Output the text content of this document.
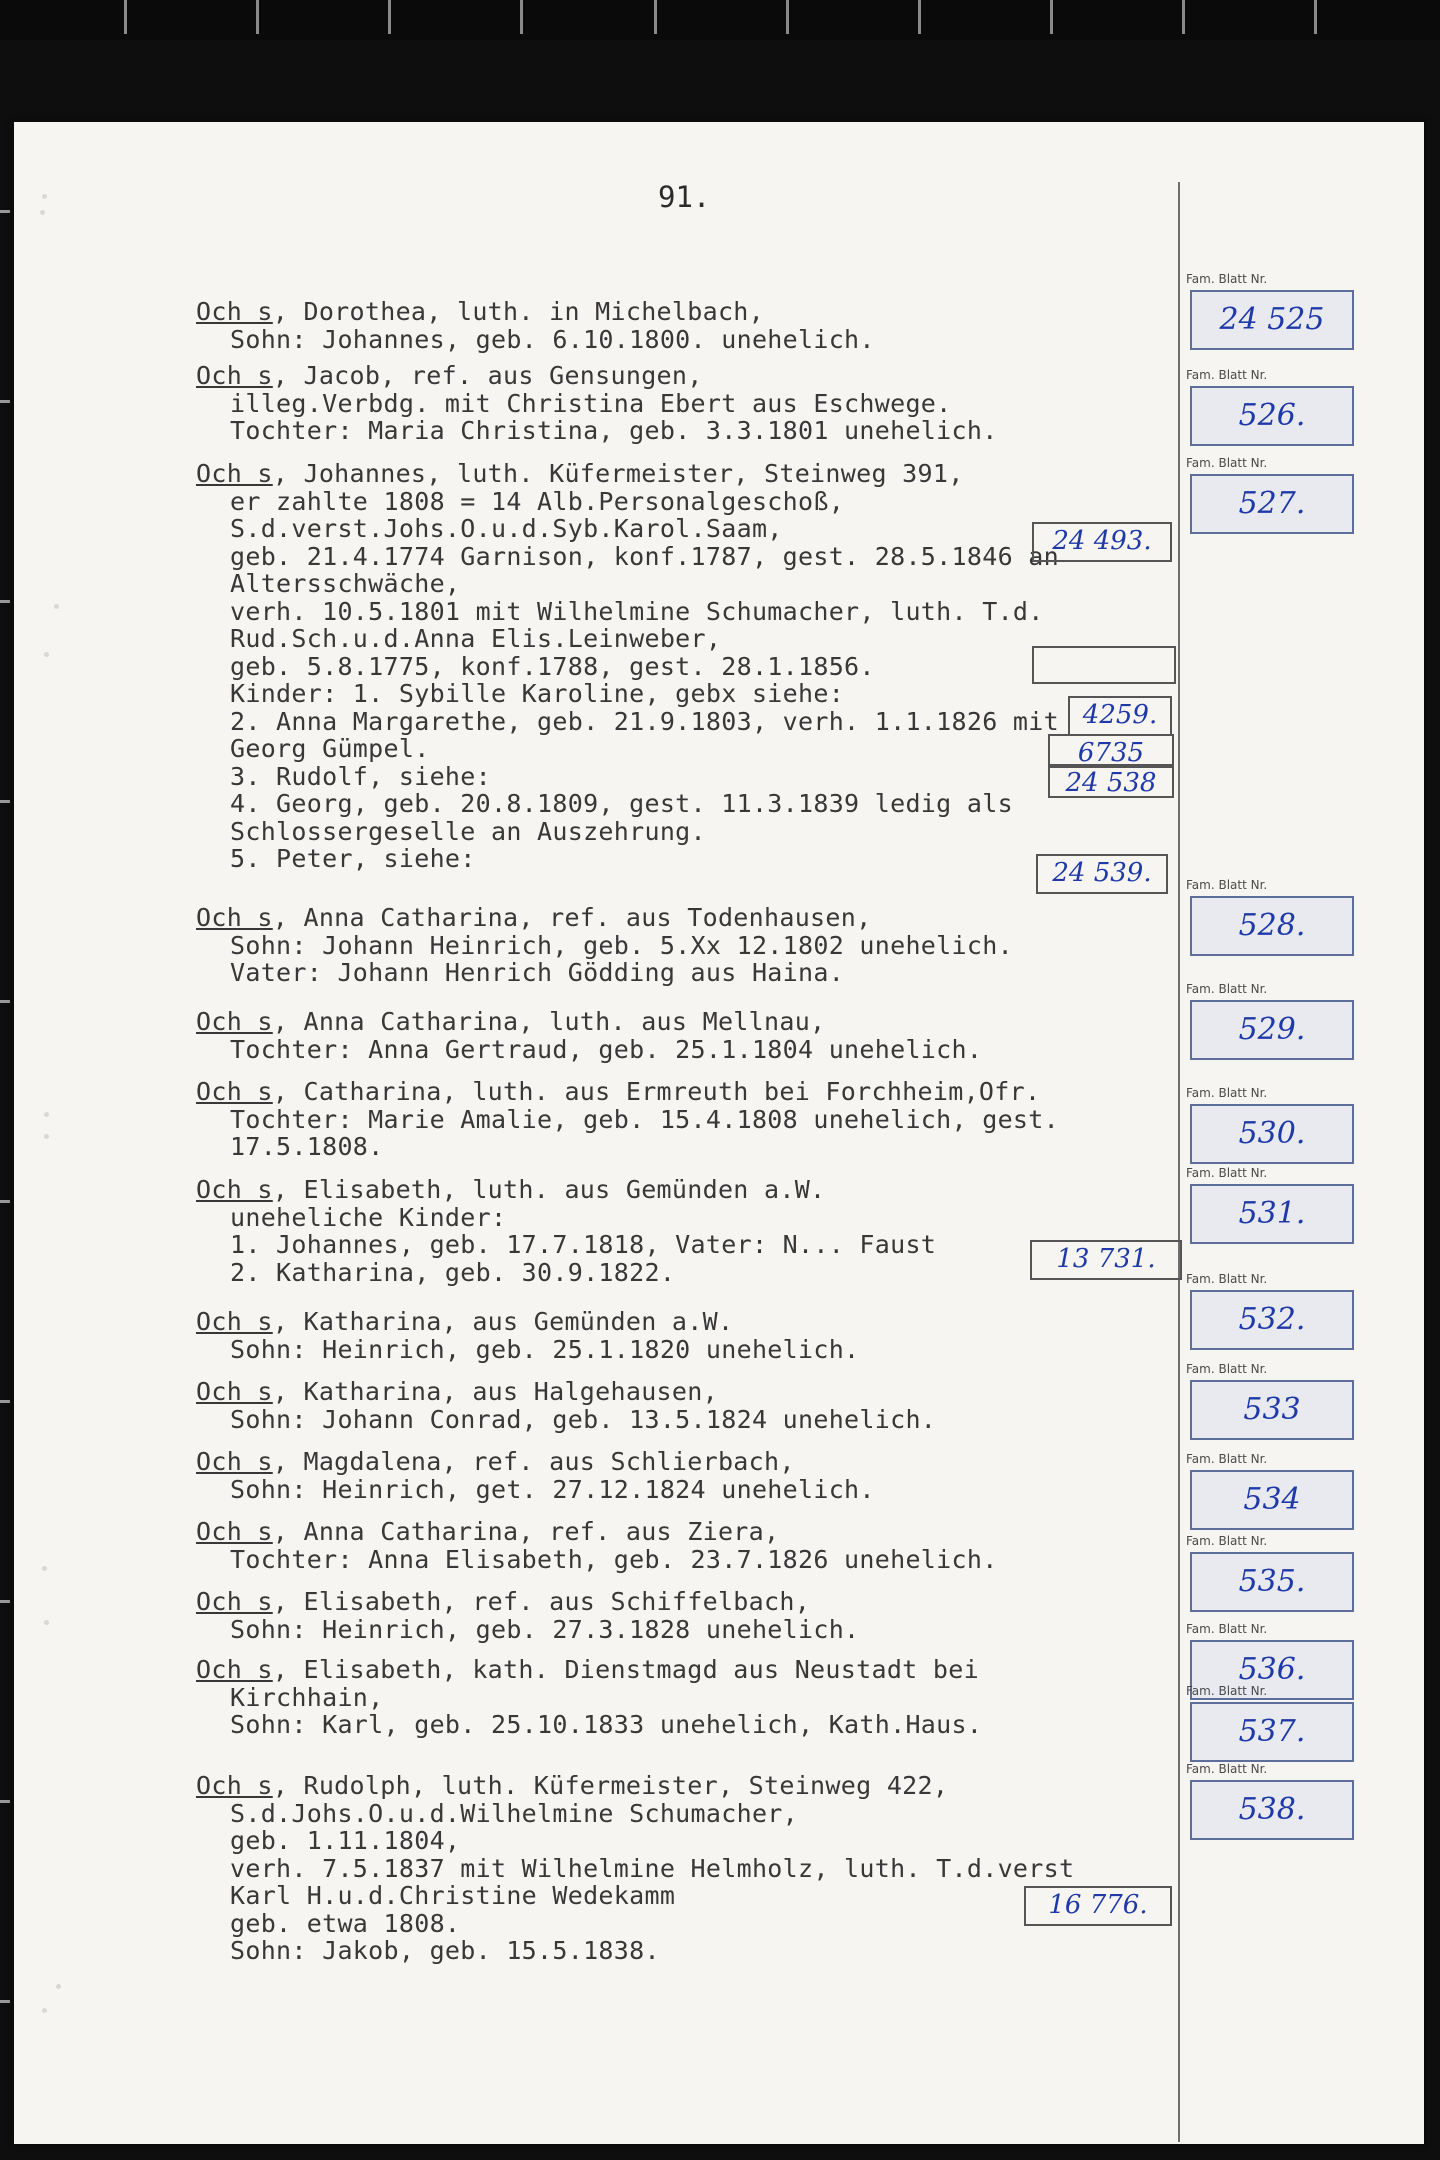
91.
Och s, Dorothea, luth. in Michelbach,
Sohn: Johannes, geb. 6.10.1800. unehelich.
Och s, Jacob, ref. aus Gensungen,
illeg.Verbdg. mit Christina Ebert aus Eschwege.
Tochter: Maria Christina, geb. 3.3.1801 unehelich.
Och s, Johannes, luth. Küfermeister, Steinweg 391,
er zahlte 1808 = 14 Alb.Personalgeschoß,
S.d.verst.Johs.O.u.d.Syb.Karol.Saam,
geb. 21.4.1774 Garnison, konf.1787, gest. 28.5.1846 an
Altersschwäche,
verh. 10.5.1801 mit Wilhelmine Schumacher, luth. T.d.
Rud.Sch.u.d.Anna Elis.Leinweber,
geb. 5.8.1775, konf.1788, gest. 28.1.1856.
Kinder: 1. Sybille Karoline, gebx siehe:
2. Anna Margarethe, geb. 21.9.1803, verh. 1.1.1826 mit
Georg Gümpel.
3. Rudolf, siehe:
4. Georg, geb. 20.8.1809, gest. 11.3.1839 ledig als
Schlossergeselle an Auszehrung.
5. Peter, siehe:
Och s, Anna Catharina, ref. aus Todenhausen,
Sohn: Johann Heinrich, geb. 5.Xx 12.1802 unehelich.
Vater: Johann Henrich Gödding aus Haina.
Och s, Anna Catharina, luth. aus Mellnau,
Tochter: Anna Gertraud, geb. 25.1.1804 unehelich.
Och s, Catharina, luth. aus Ermreuth bei Forchheim,Ofr.
Tochter: Marie Amalie, geb. 15.4.1808 unehelich, gest.
17.5.1808.
Och s, Elisabeth, luth. aus Gemünden a.W.
uneheliche Kinder:
1. Johannes, geb. 17.7.1818, Vater: N... Faust
2. Katharina, geb. 30.9.1822.
Och s, Katharina, aus Gemünden a.W.
Sohn: Heinrich, geb. 25.1.1820 unehelich.
Och s, Katharina, aus Halgehausen,
Sohn: Johann Conrad, geb. 13.5.1824 unehelich.
Och s, Magdalena, ref. aus Schlierbach,
Sohn: Heinrich, get. 27.12.1824 unehelich.
Och s, Anna Catharina, ref. aus Ziera,
Tochter: Anna Elisabeth, geb. 23.7.1826 unehelich.
Och s, Elisabeth, ref. aus Schiffelbach,
Sohn: Heinrich, geb. 27.3.1828 unehelich.
Och s, Elisabeth, kath. Dienstmagd aus Neustadt bei
Kirchhain,
Sohn: Karl, geb. 25.10.1833 unehelich, Kath.Haus.
Och s, Rudolph, luth. Küfermeister, Steinweg 422,
S.d.Johs.O.u.d.Wilhelmine Schumacher,
geb. 1.11.1804,
verh. 7.5.1837 mit Wilhelmine Helmholz, luth. T.d.verst
Karl H.u.d.Christine Wedekamm
geb. etwa 1808.
Sohn: Jakob, geb. 15.5.1838.
Fam. Blatt Nr.
24 525
Fam. Blatt Nr.
526.
Fam. Blatt Nr.
527.
Fam. Blatt Nr.
528.
Fam. Blatt Nr.
529.
Fam. Blatt Nr.
530.
Fam. Blatt Nr.
531.
Fam. Blatt Nr.
532.
Fam. Blatt Nr.
533
Fam. Blatt Nr.
534
Fam. Blatt Nr.
535.
Fam. Blatt Nr.
536.
Fam. Blatt Nr.
537.
Fam. Blatt Nr.
538.
24 493.
4259.
6735
24 538
24 539.
13 731.
16 776.
